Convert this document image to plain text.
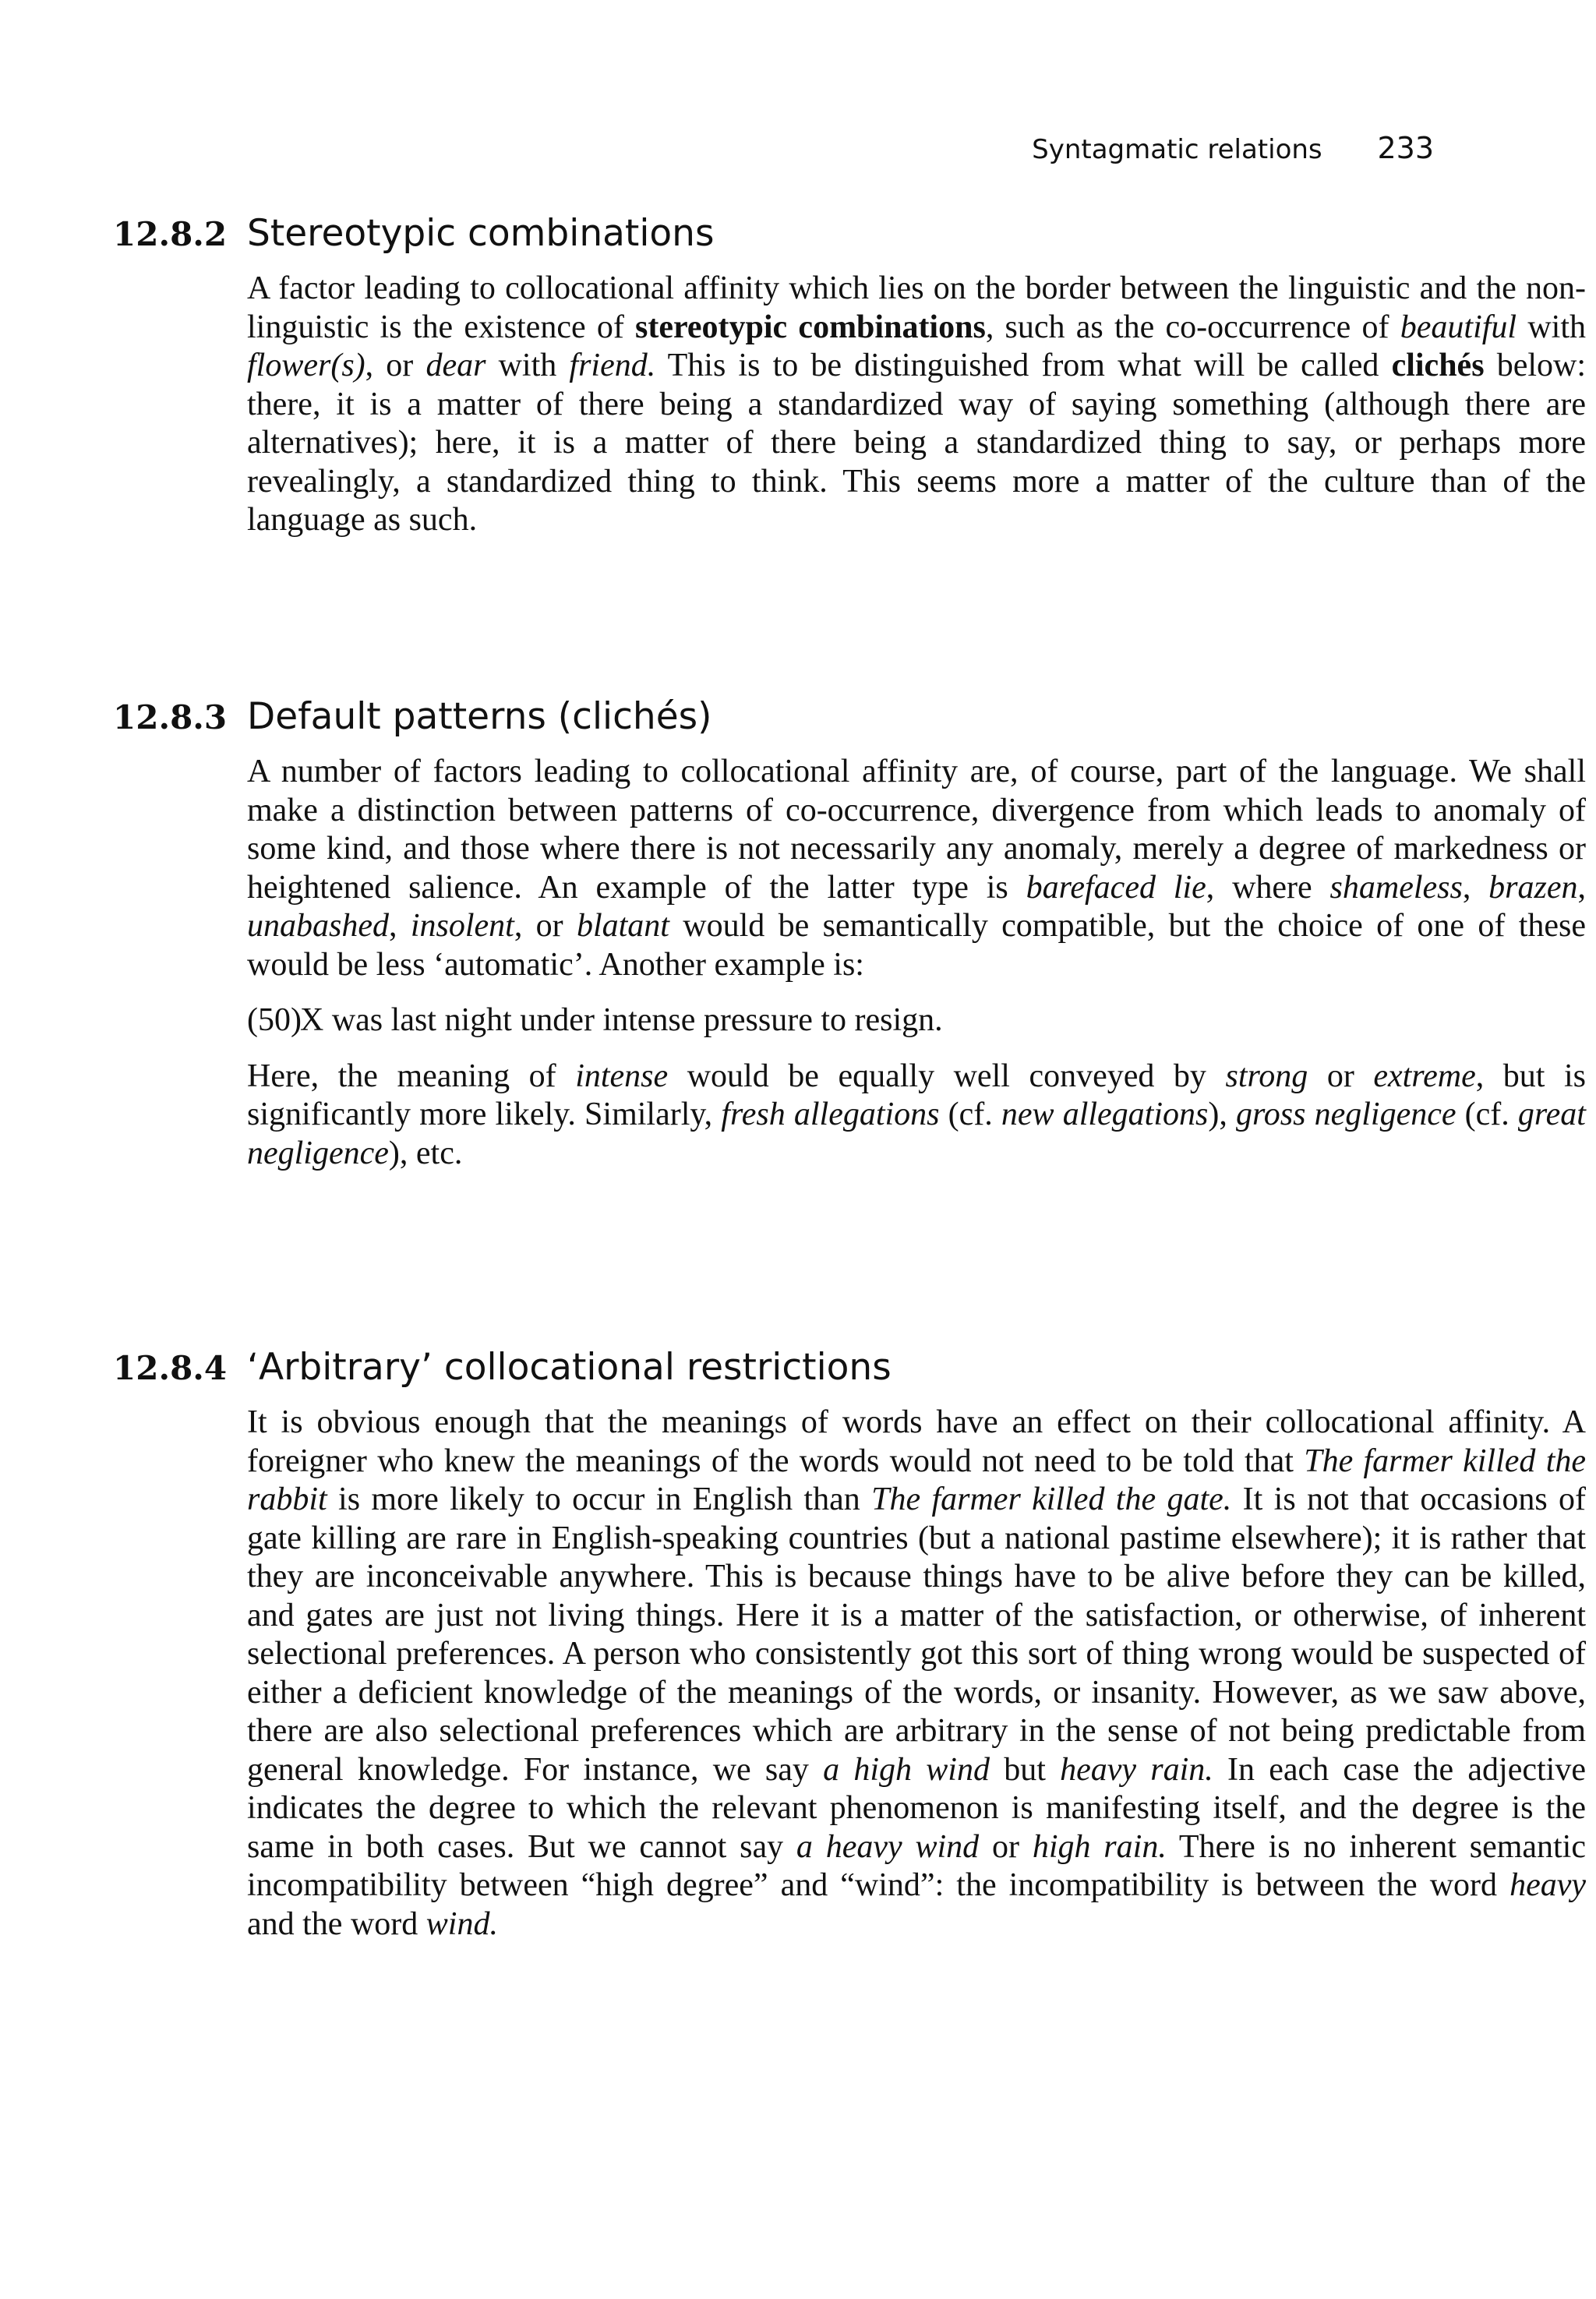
Syntagmatic relations 233
12.8.2 Stereotypic combinations

A factor leading to collocational affinity which lies on the border between the linguistic and the non-linguistic is the existence of stereotypic combinations, such as the co-occurrence of beautiful with flower(s), or dear with friend. This is to be distinguished from what will be called clichés below: there, it is a matter of there being a standardized way of saying something (although there are alternatives); here, it is a matter of there being a standardized thing to say, or perhaps more revealingly, a standardized thing to think. This seems more a matter of the culture than of the language as such.

12.8.3 Default patterns (clichés)

A number of factors leading to collocational affinity are, of course, part of the language. We shall make a distinction between patterns of co-occurrence, divergence from which leads to anomaly of some kind, and those where there is not necessarily any anomaly, merely a degree of markedness or heightened salience. An example of the latter type is barefaced lie, where shameless, brazen, unabashed, insolent, or blatant would be semantically compatible, but the choice of one of these would be less ‘automatic’. Another example is:

(50)
X was last night under intense pressure to resign.

Here, the meaning of intense would be equally well conveyed by strong or extreme, but is significantly more likely. Similarly, fresh allegations (cf. new allegations), gross negligence (cf. great negligence), etc.

12.8.4 ‘Arbitrary’ collocational restrictions

It is obvious enough that the meanings of words have an effect on their collocational affinity. A foreigner who knew the meanings of the words would not need to be told that The farmer killed the rabbit is more likely to occur in English than The farmer killed the gate. It is not that occasions of gate killing are rare in English-speaking countries (but a national pastime elsewhere); it is rather that they are inconceivable anywhere. This is because things have to be alive before they can be killed, and gates are just not living things. Here it is a matter of the satisfaction, or otherwise, of inherent selectional preferences. A person who consistently got this sort of thing wrong would be suspected of either a deficient knowledge of the meanings of the words, or insanity. However, as we saw above, there are also selectional preferences which are arbitrary in the sense of not being predictable from general knowledge. For instance, we say a high wind but heavy rain. In each case the adjective indicates the degree to which the relevant phenomenon is manifesting itself, and the degree is the same in both cases. But we cannot say a heavy wind or high rain. There is no inherent semantic incompatibility between “high degree” and “wind”: the incompatibility is between the word heavy and the word wind.
